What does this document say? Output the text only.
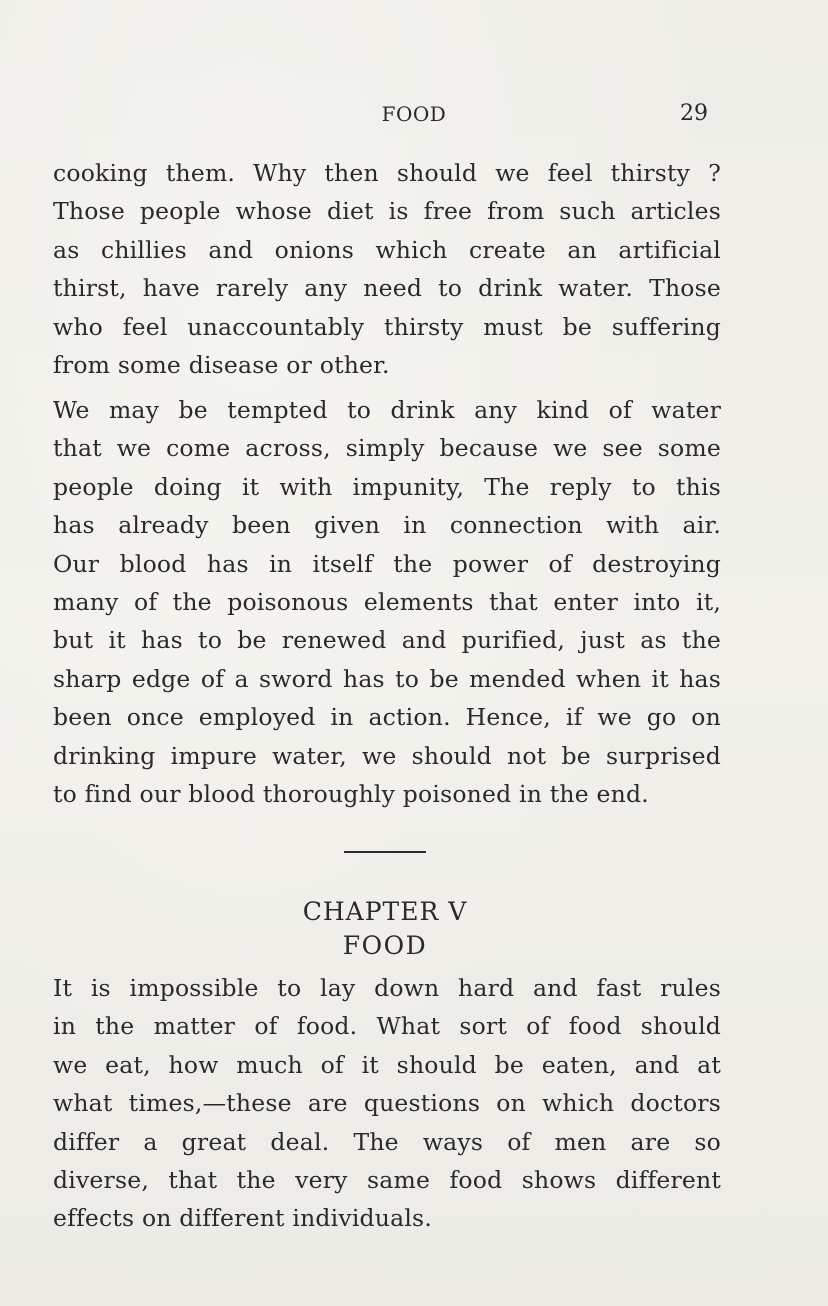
FOOD	29
cooking them. Why then should we feel thirsty ?
Those people whose diet is free from such articles
as chillies and onions which create an artificial
thirst, have rarely any need to drink water. Those
who feel unaccountably thirsty must be suffering
from some disease or other.
We may be tempted to drink any kind of water
that we come across, simply because we see some
people doing it with impunity, The reply to this
has already been given in connection with air.
Our blood has in itself the power of destroying
many of the poisonous elements that enter into it,
but it has to be renewed and purified, just as the
sharp edge of a sword has to be mended when it has
been once employed in action. Hence, if we go on
drinking impure water, we should not be surprised
to find our blood thoroughly poisoned in the end.
CHAPTER V
FOOD
It is impossible to lay down hard and fast rules
in the matter of food. What sort of food should
we eat, how much of it should be eaten, and at
what times,—these are questions on which doctors
differ a great deal. The ways of men are so
diverse, that the very same food shows different
effects on different individuals.
